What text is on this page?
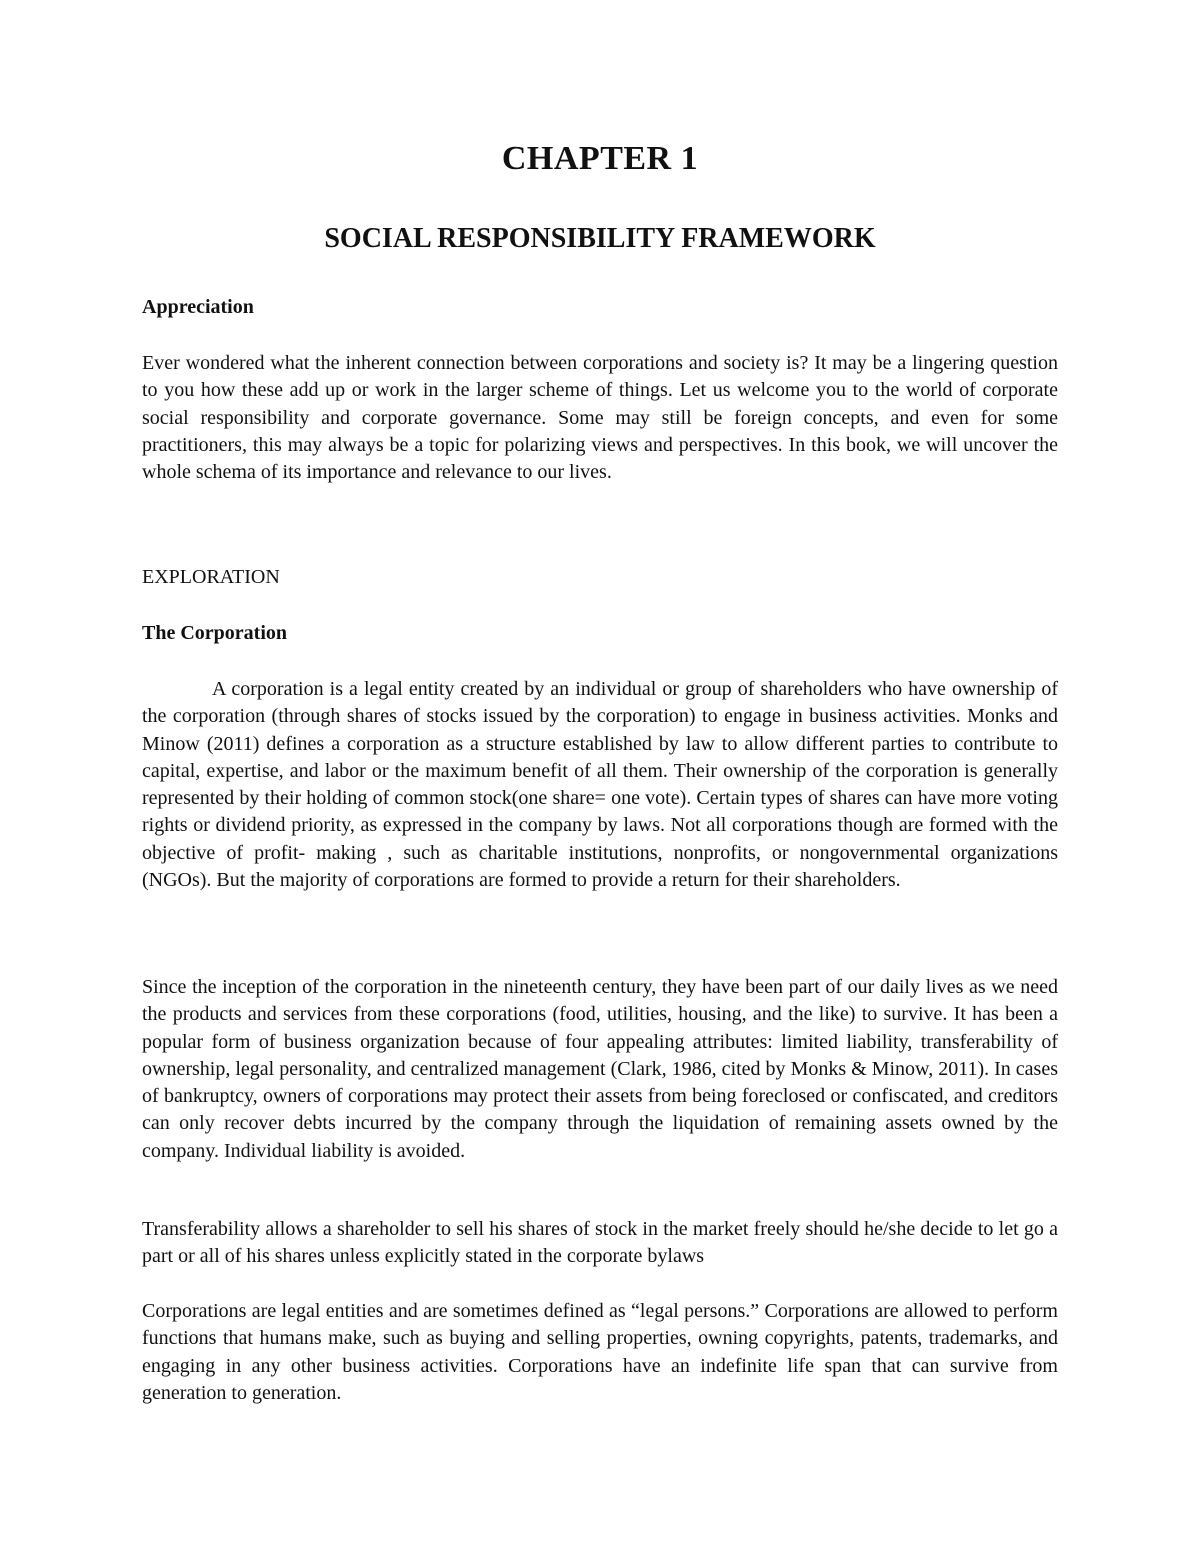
CHAPTER 1
SOCIAL RESPONSIBILITY FRAMEWORK
Appreciation

Ever wondered what the inherent connection between corporations and society is? It may be a lingering question to you how these add up or work in the larger scheme of things. Let us welcome you to the world of corporate social responsibility and corporate governance. Some may still be foreign concepts, and even for some practitioners, this may always be a topic for polarizing views and perspectives. In this book, we will uncover the whole schema of its importance and relevance to our lives.

EXPLORATION
The Corporation

A corporation is a legal entity created by an individual or group of shareholders who have ownership of the corporation (through shares of stocks issued by the corporation) to engage in business activities. Monks and Minow (2011) defines a corporation as a structure established by law to allow different parties to contribute to capital, expertise, and labor or the maximum benefit of all them. Their ownership of the corporation is generally represented by their holding of common stock(one share= one vote). Certain types of shares can have more voting rights or dividend priority, as expressed in the company by laws. Not all corporations though are formed with the objective of profit- making , such as charitable institutions, nonprofits, or nongovernmental organizations (NGOs). But the majority of corporations are formed to provide a return for their shareholders.

Since the inception of the corporation in the nineteenth century, they have been part of our daily lives as we need the products and services from these corporations (food, utilities, housing, and the like) to survive. It has been a popular form of business organization because of four appealing attributes: limited liability, transferability of ownership, legal personality, and centralized management (Clark, 1986, cited by Monks & Minow, 2011). In cases of bankruptcy, owners of corporations may protect their assets from being foreclosed or confiscated, and creditors can only recover debts incurred by the company through the liquidation of remaining assets owned by the company. Individual liability is avoided.

Transferability allows a shareholder to sell his shares of stock in the market freely should he/she decide to let go a part or all of his shares unless explicitly stated in the corporate bylaws

Corporations are legal entities and are sometimes defined as “legal persons.” Corporations are allowed to perform functions that humans make, such as buying and selling properties, owning copyrights, patents, trademarks, and engaging in any other business activities. Corporations have an indefinite life span that can survive from generation to generation.
